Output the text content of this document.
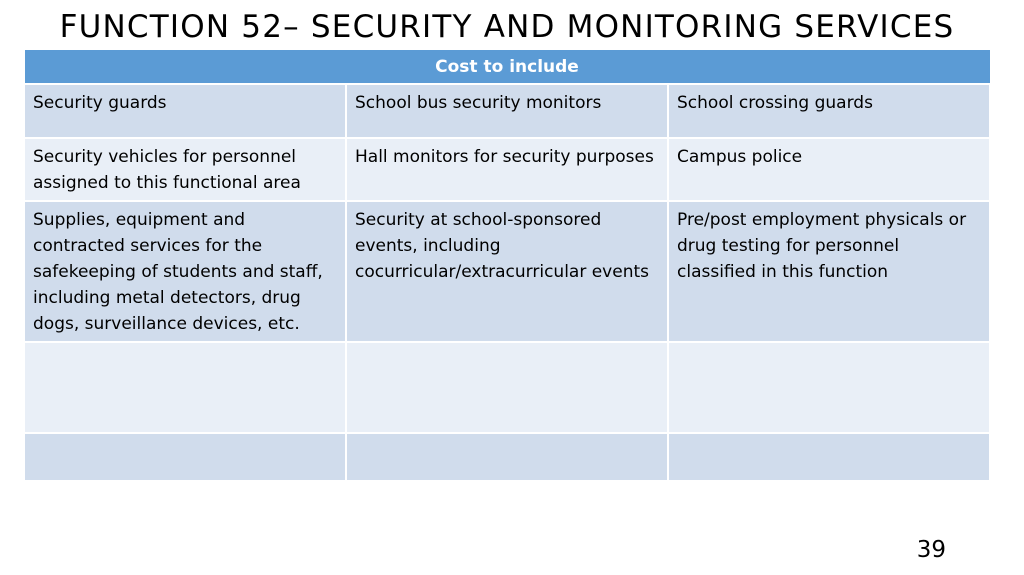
FUNCTION 52– SECURITY AND MONITORING SERVICES
Cost to include		
Security guards	School bus security monitors	School crossing guards
Security vehicles for personnel assigned to this functional area	Hall monitors for security purposes	Campus police
Supplies, equipment and contracted services for the safekeeping of students and staff, including metal detectors, drug dogs, surveillance devices, etc.	Security at school-sponsored events, including cocurricular/extracurricular events	Pre/post employment physicals or drug testing for personnel classified in this function

39
